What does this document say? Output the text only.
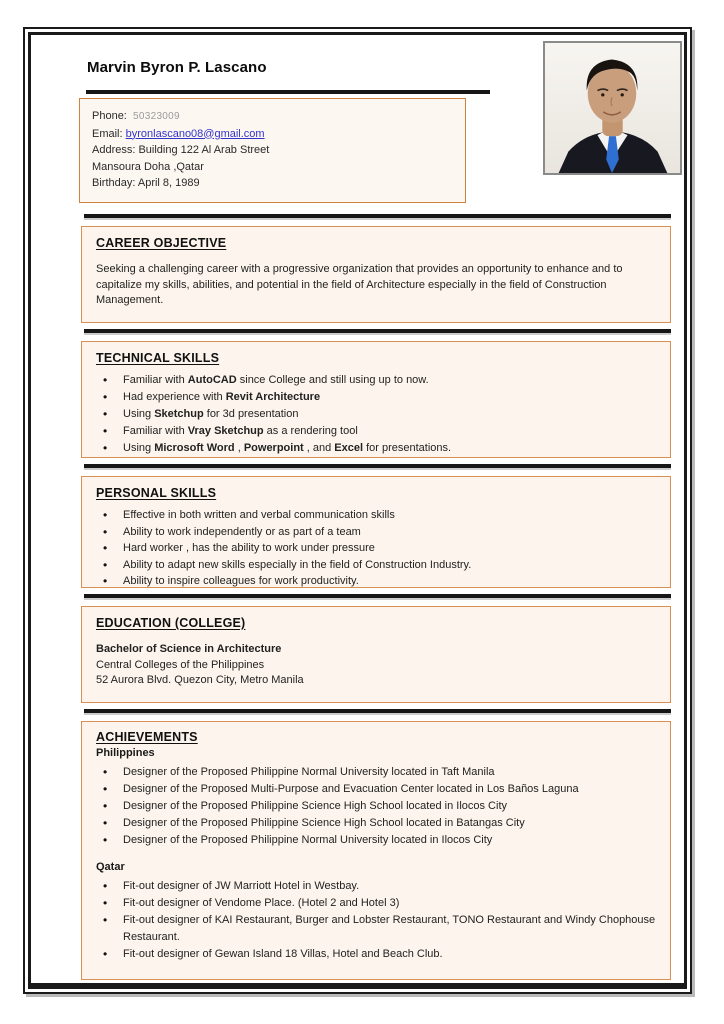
Marvin Byron P. Lascano
Phone: 50323009
Email: byronlascano08@gmail.com
Address: Building 122 Al Arab Street
Mansoura Doha ,Qatar
Birthday: April 8, 1989
CAREER OBJECTIVE

Seeking a challenging career with a progressive organization that provides an opportunity to enhance and to capitalize my skills, abilities, and potential in the field of Architecture especially in the field of Construction Management.

TECHNICAL SKILLS
• Familiar with AutoCAD since College and still using up to now.
• Had experience with Revit Architecture
• Using Sketchup for 3d presentation
• Familiar with Vray Sketchup as a rendering tool
• Using Microsoft Word , Powerpoint , and Excel for presentations.
PERSONAL SKILLS
• Effective in both written and verbal communication skills
• Ability to work independently or as part of a team
• Hard worker , has the ability to work under pressure
• Ability to adapt new skills especially in the field of Construction Industry.
• Ability to inspire colleagues for work productivity.
EDUCATION (COLLEGE)

Bachelor of Science in Architecture

Central Colleges of the Philippines

52 Aurora Blvd. Quezon City, Metro Manila

ACHIEVEMENTS
Philippines
• Designer of the Proposed Philippine Normal University located in Taft Manila
• Designer of the Proposed Multi-Purpose and Evacuation Center located in Los Baños Laguna
• Designer of the Proposed Philippine Science High School located in Ilocos City
• Designer of the Proposed Philippine Science High School located in Batangas City
• Designer of the Proposed Philippine Normal University located in Ilocos City
Qatar
• Fit-out designer of JW Marriott Hotel in Westbay.
• Fit-out designer of Vendome Place. (Hotel 2 and Hotel 3)
• Fit-out designer of KAI Restaurant, Burger and Lobster Restaurant, TONO Restaurant and Windy Chophouse Restaurant.
• Fit-out designer of Gewan Island 18 Villas, Hotel and Beach Club.
